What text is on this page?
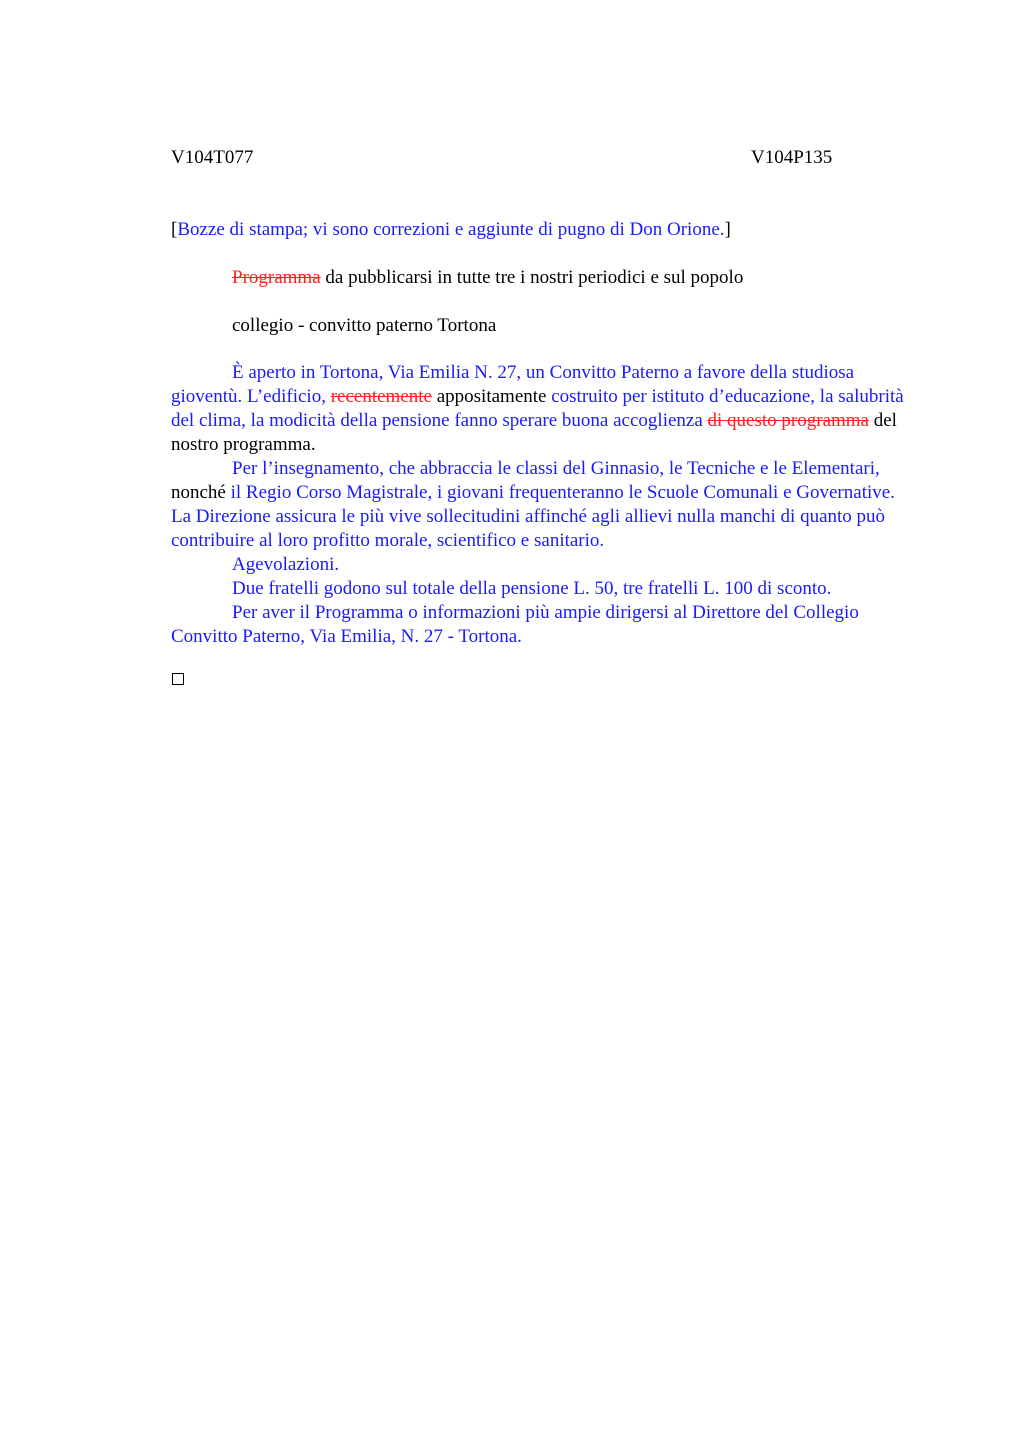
V104T077	V104P135
[Bozze di stampa; vi sono correzioni e aggiunte di pugno di Don Orione.]
Programma da pubblicarsi in tutte tre i nostri periodici e sul popolo
collegio - convitto paterno Tortona

È aperto in Tortona, Via Emilia N. 27, un Convitto Paterno a favore della studiosa gioventù. L’edificio, recentemente appositamente costruito per istituto d’educazione, la salubrità del clima, la modicità della pensione fanno sperare buona accoglienza di questo programma del nostro programma.

Per l’insegnamento, che abbraccia le classi del Ginnasio, le Tecniche e le Elementari, nonché il Regio Corso Magistrale, i giovani frequenteranno le Scuole Comunali e Governative. La Direzione assicura le più vive sollecitudini affinché agli allievi nulla manchi di quanto può contribuire al loro profitto morale, scientifico e sanitario.

Agevolazioni.

Due fratelli godono sul totale della pensione L. 50, tre fratelli L. 100 di sconto.

Per aver il Programma o informazioni più ampie dirigersi al Direttore del Collegio Convitto Paterno, Via Emilia, N. 27 - Tortona.
